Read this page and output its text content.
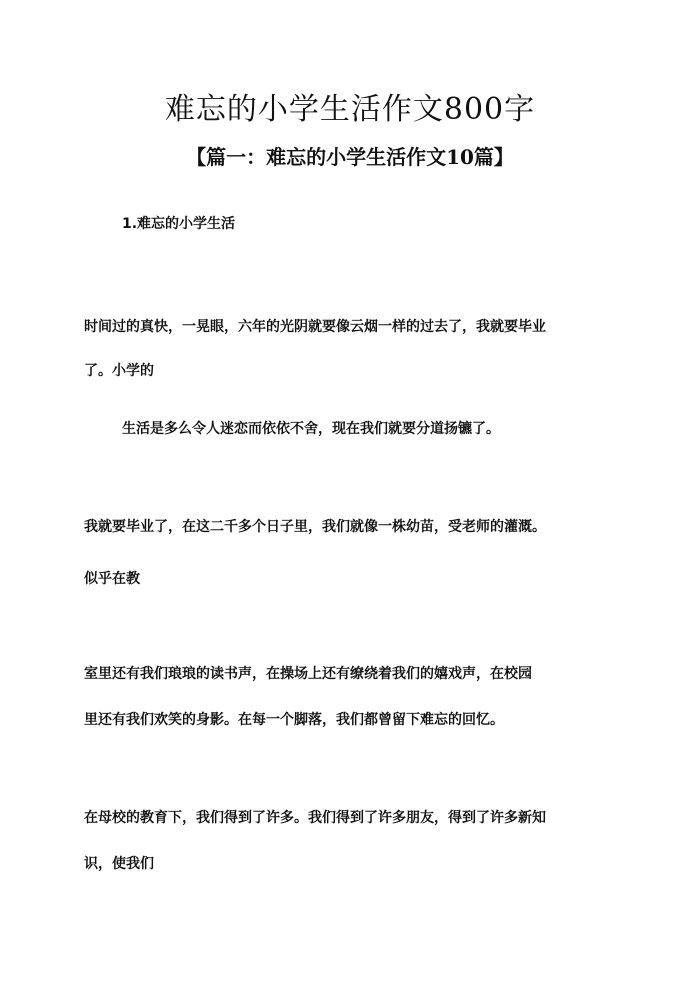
难忘的小学生活作文800字
【篇一：难忘的小学生活作文10篇】
1.难忘的小学生活

时间过的真快，一晃眼，六年的光阴就要像云烟一样的过去了，我就要毕业

了。小学的

生活是多么令人迷恋而依依不舍，现在我们就要分道扬镳了。

我就要毕业了，在这二千多个日子里，我们就像一株幼苗，受老师的灌溉。

似乎在教

室里还有我们琅琅的读书声，在操场上还有缭绕着我们的嬉戏声，在校园

里还有我们欢笑的身影。在每一个脚落，我们都曾留下难忘的回忆。

在母校的教育下，我们得到了许多。我们得到了许多朋友，得到了许多新知

识，使我们
